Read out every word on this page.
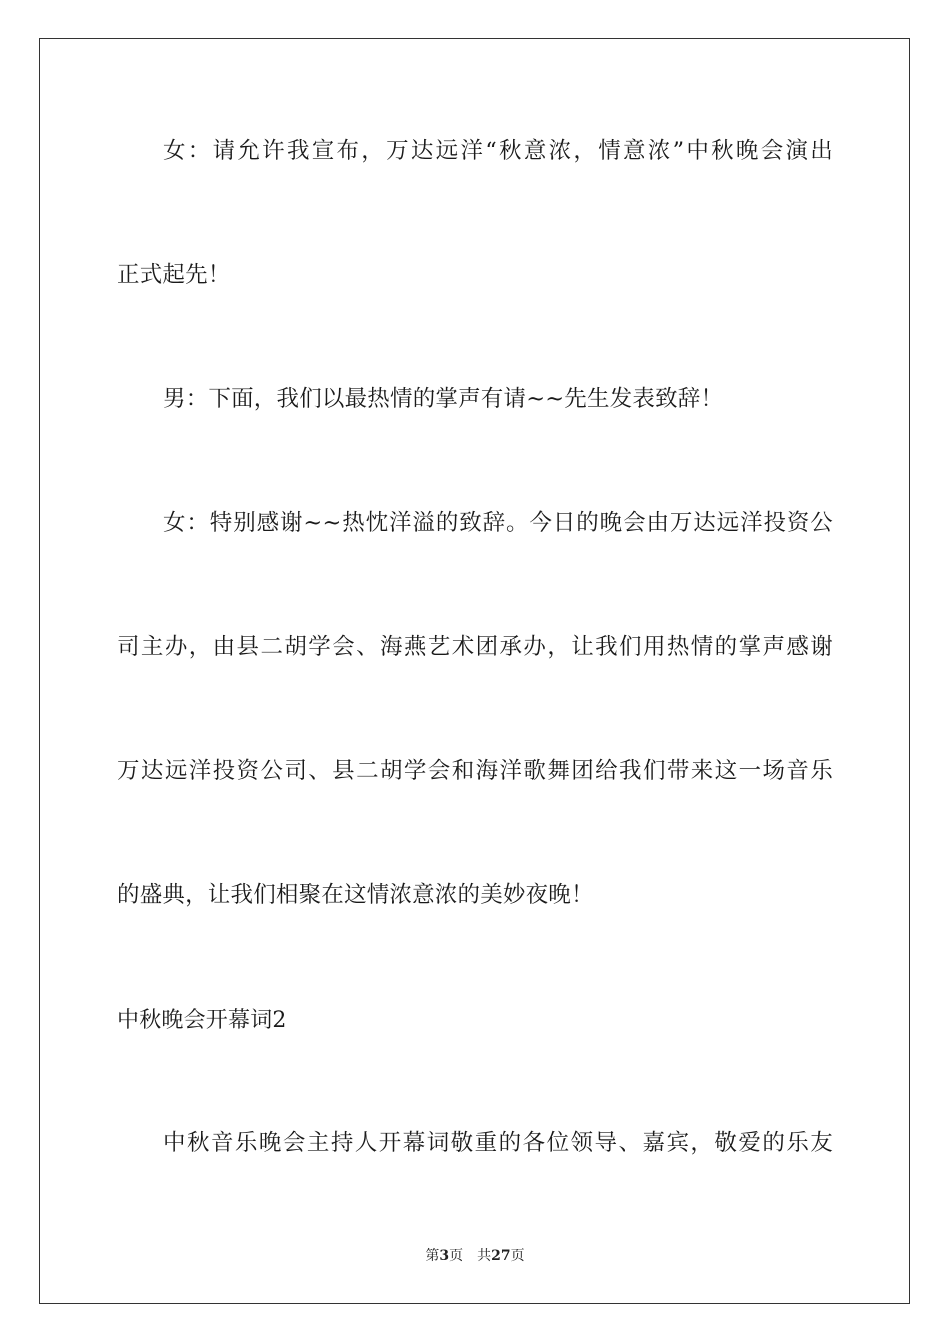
女：请允许我宣布，万达远洋“秋意浓，情意浓”中秋晚会演出
正式起先！
男：下面，我们以最热情的掌声有请~~先生发表致辞！
女：特别感谢~~热忱洋溢的致辞。今日的晚会由万达远洋投资公
司主办，由县二胡学会、海燕艺术团承办，让我们用热情的掌声感谢
万达远洋投资公司、县二胡学会和海洋歌舞团给我们带来这一场音乐
的盛典，让我们相聚在这情浓意浓的美妙夜晚！
中秋晚会开幕词2
中秋音乐晚会主持人开幕词敬重的各位领导、嘉宾，敬爱的乐友
第3页 共27页
